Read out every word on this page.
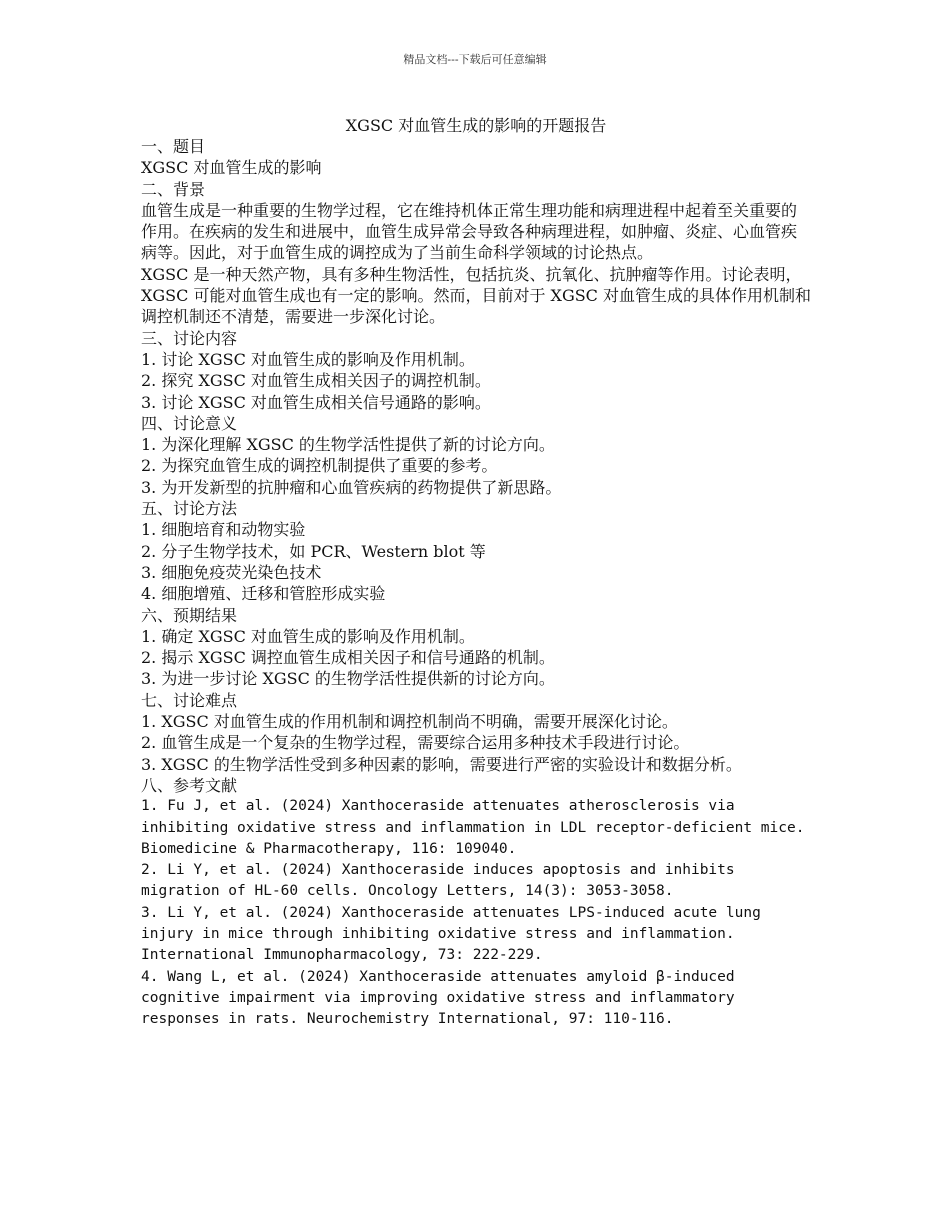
精品文档---下载后可任意编辑
XGSC 对血管生成的影响的开题报告
一、题目
XGSC 对血管生成的影响
二、背景
血管生成是一种重要的生物学过程，它在维持机体正常生理功能和病理进程中起着至关重要的作用。在疾病的发生和进展中，血管生成异常会导致各种病理进程，如肿瘤、炎症、心血管疾病等。因此，对于血管生成的调控成为了当前生命科学领域的讨论热点。
XGSC 是一种天然产物，具有多种生物活性，包括抗炎、抗氧化、抗肿瘤等作用。讨论表明，XGSC 可能对血管生成也有一定的影响。然而，目前对于 XGSC 对血管生成的具体作用机制和调控机制还不清楚，需要进一步深化讨论。
三、讨论内容
1. 讨论 XGSC 对血管生成的影响及作用机制。
2. 探究 XGSC 对血管生成相关因子的调控机制。
3. 讨论 XGSC 对血管生成相关信号通路的影响。
四、讨论意义
1. 为深化理解 XGSC 的生物学活性提供了新的讨论方向。
2. 为探究血管生成的调控机制提供了重要的参考。
3. 为开发新型的抗肿瘤和心血管疾病的药物提供了新思路。
五、讨论方法
1. 细胞培育和动物实验
2. 分子生物学技术，如 PCR、Western blot 等
3. 细胞免疫荧光染色技术
4. 细胞增殖、迁移和管腔形成实验
六、预期结果
1. 确定 XGSC 对血管生成的影响及作用机制。
2. 揭示 XGSC 调控血管生成相关因子和信号通路的机制。
3. 为进一步讨论 XGSC 的生物学活性提供新的讨论方向。
七、讨论难点
1. XGSC 对血管生成的作用机制和调控机制尚不明确，需要开展深化讨论。
2. 血管生成是一个复杂的生物学过程，需要综合运用多种技术手段进行讨论。
3. XGSC 的生物学活性受到多种因素的影响，需要进行严密的实验设计和数据分析。
八、参考文献
1. Fu J, et al. (2024) Xanthoceraside attenuates atherosclerosis via inhibiting oxidative stress and inflammation in LDL receptor-deficient mice. Biomedicine & Pharmacotherapy, 116: 109040.
2. Li Y, et al. (2024) Xanthoceraside induces apoptosis and inhibits migration of HL-60 cells. Oncology Letters, 14(3): 3053-3058.
3. Li Y, et al. (2024) Xanthoceraside attenuates LPS-induced acute lung injury in mice through inhibiting oxidative stress and inflammation. International Immunopharmacology, 73: 222-229.
4. Wang L, et al. (2024) Xanthoceraside attenuates amyloid β-induced cognitive impairment via improving oxidative stress and inflammatory responses in rats. Neurochemistry International, 97: 110-116.
